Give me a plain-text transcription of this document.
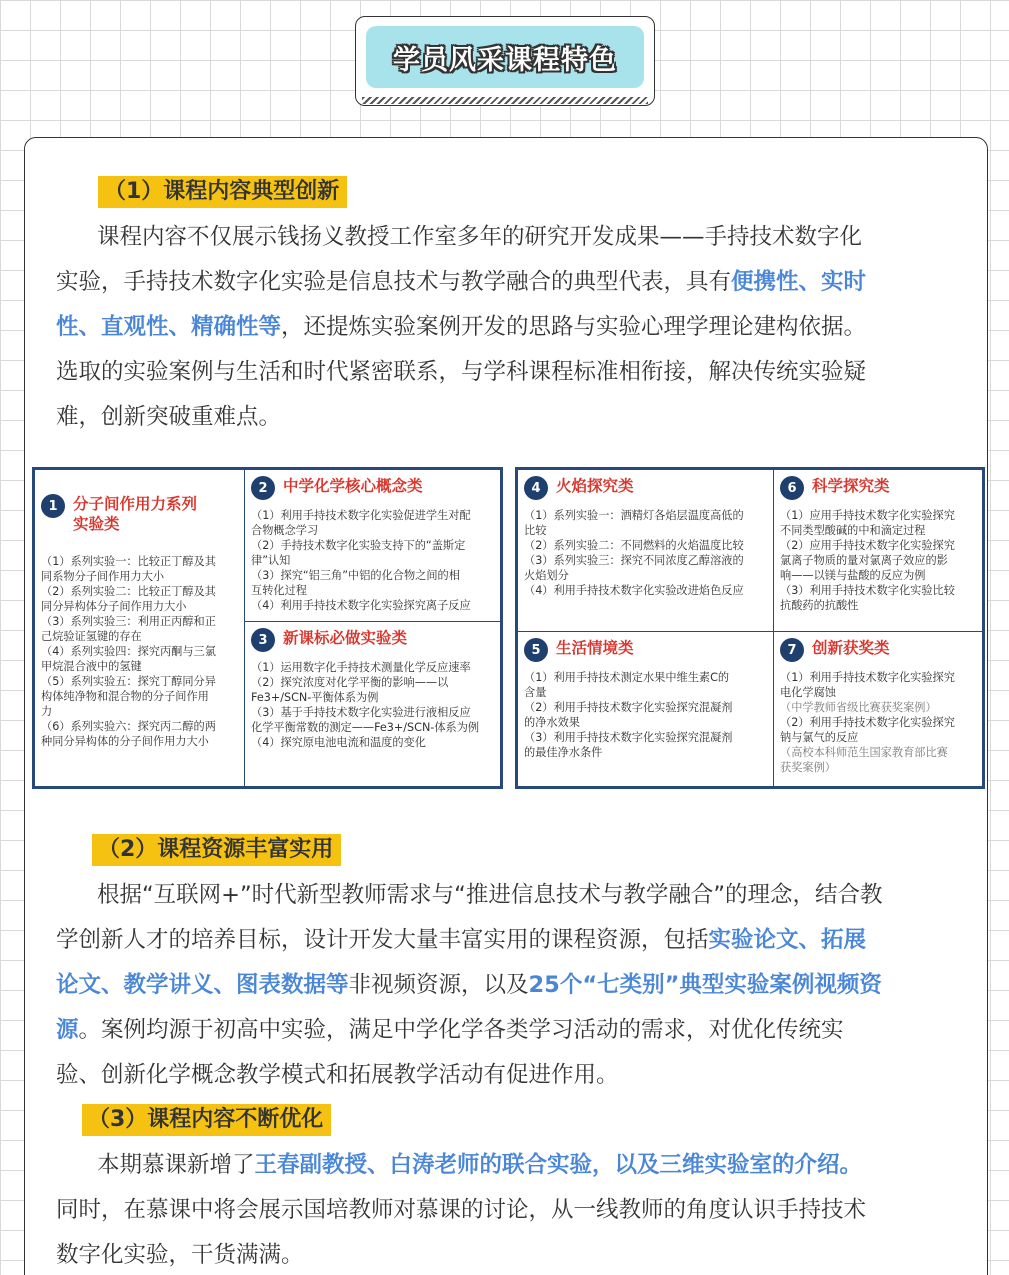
学员风采课程特色
（1）课程内容典型创新
课程内容不仅展示钱扬义教授工作室多年的研究开发成果——手持技术数字化
实验，手持技术数字化实验是信息技术与教学融合的典型代表，具有便携性、实时
性、直观性、精确性等，还提炼实验案例开发的思路与实验心理学理论建构依据。
选取的实验案例与生活和时代紧密联系，与学科课程标准相衔接，解决传统实验疑
难，创新突破重难点。
1 分子间作用力系列
实验类
（1）系列实验一：比较正丁醇及其
同系物分子间作用力大小
（2）系列实验二：比较正丁醇及其
同分异构体分子间作用力大小
（3）系列实验三：利用正丙醇和正
己烷验证氢键的存在
（4）系列实验四：探究丙酮与三氯
甲烷混合液中的氢键
（5）系列实验五：探究丁醇同分异
构体纯净物和混合物的分子间作用
力
（6）系列实验六：探究丙二醇的两
种同分异构体的分子间作用力大小
2 中学化学核心概念类
（1）利用手持技术数字化实验促进学生对配
合物概念学习
（2）手持技术数字化实验支持下的“盖斯定
律”认知
（3）探究“铝三角”中铝的化合物之间的相
互转化过程
（4）利用手持技术数字化实验探究离子反应
3 新课标必做实验类
（1）运用数字化手持技术测量化学反应速率
（2）探究浓度对化学平衡的影响——以
Fe3+/SCN-平衡体系为例
（3）基于手持技术数字化实验进行液相反应
化学平衡常数的测定——Fe3+/SCN-体系为例
（4）探究原电池电流和温度的变化
4 火焰探究类
（1）系列实验一：酒精灯各焰层温度高低的
比较
（2）系列实验二：不同燃料的火焰温度比较
（3）系列实验三：探究不同浓度乙醇溶液的
火焰划分
（4）利用手持技术数字化实验改进焰色反应
6 科学探究类
（1）应用手持技术数字化实验探究
不同类型酸碱的中和滴定过程
（2）应用手持技术数字化实验探究
氯离子物质的量对氯离子效应的影
响——以镁与盐酸的反应为例
（3）利用手持技术数字化实验比较
抗酸药的抗酸性
5 生活情境类
（1）利用手持技术测定水果中维生素C的
含量
（2）利用手持技术数字化实验探究混凝剂
的净水效果
（3）利用手持技术数字化实验探究混凝剂
的最佳净水条件
7 创新获奖类
（1）利用手持技术数字化实验探究
电化学腐蚀
（中学教师省级比赛获奖案例）
（2）利用手持技术数字化实验探究
钠与氯气的反应
（高校本科师范生国家教育部比赛
获奖案例）
（2）课程资源丰富实用
根据“互联网+”时代新型教师需求与“推进信息技术与教学融合”的理念，结合教
学创新人才的培养目标，设计开发大量丰富实用的课程资源，包括实验论文、拓展
论文、教学讲义、图表数据等非视频资源，以及25个“七类别”典型实验案例视频资
源。案例均源于初高中实验，满足中学化学各类学习活动的需求，对优化传统实
验、创新化学概念教学模式和拓展教学活动有促进作用。
（3）课程内容不断优化
本期慕课新增了王春副教授、白涛老师的联合实验，以及三维实验室的介绍。
同时，在慕课中将会展示国培教师对慕课的讨论，从一线教师的角度认识手持技术
数字化实验，干货满满。
